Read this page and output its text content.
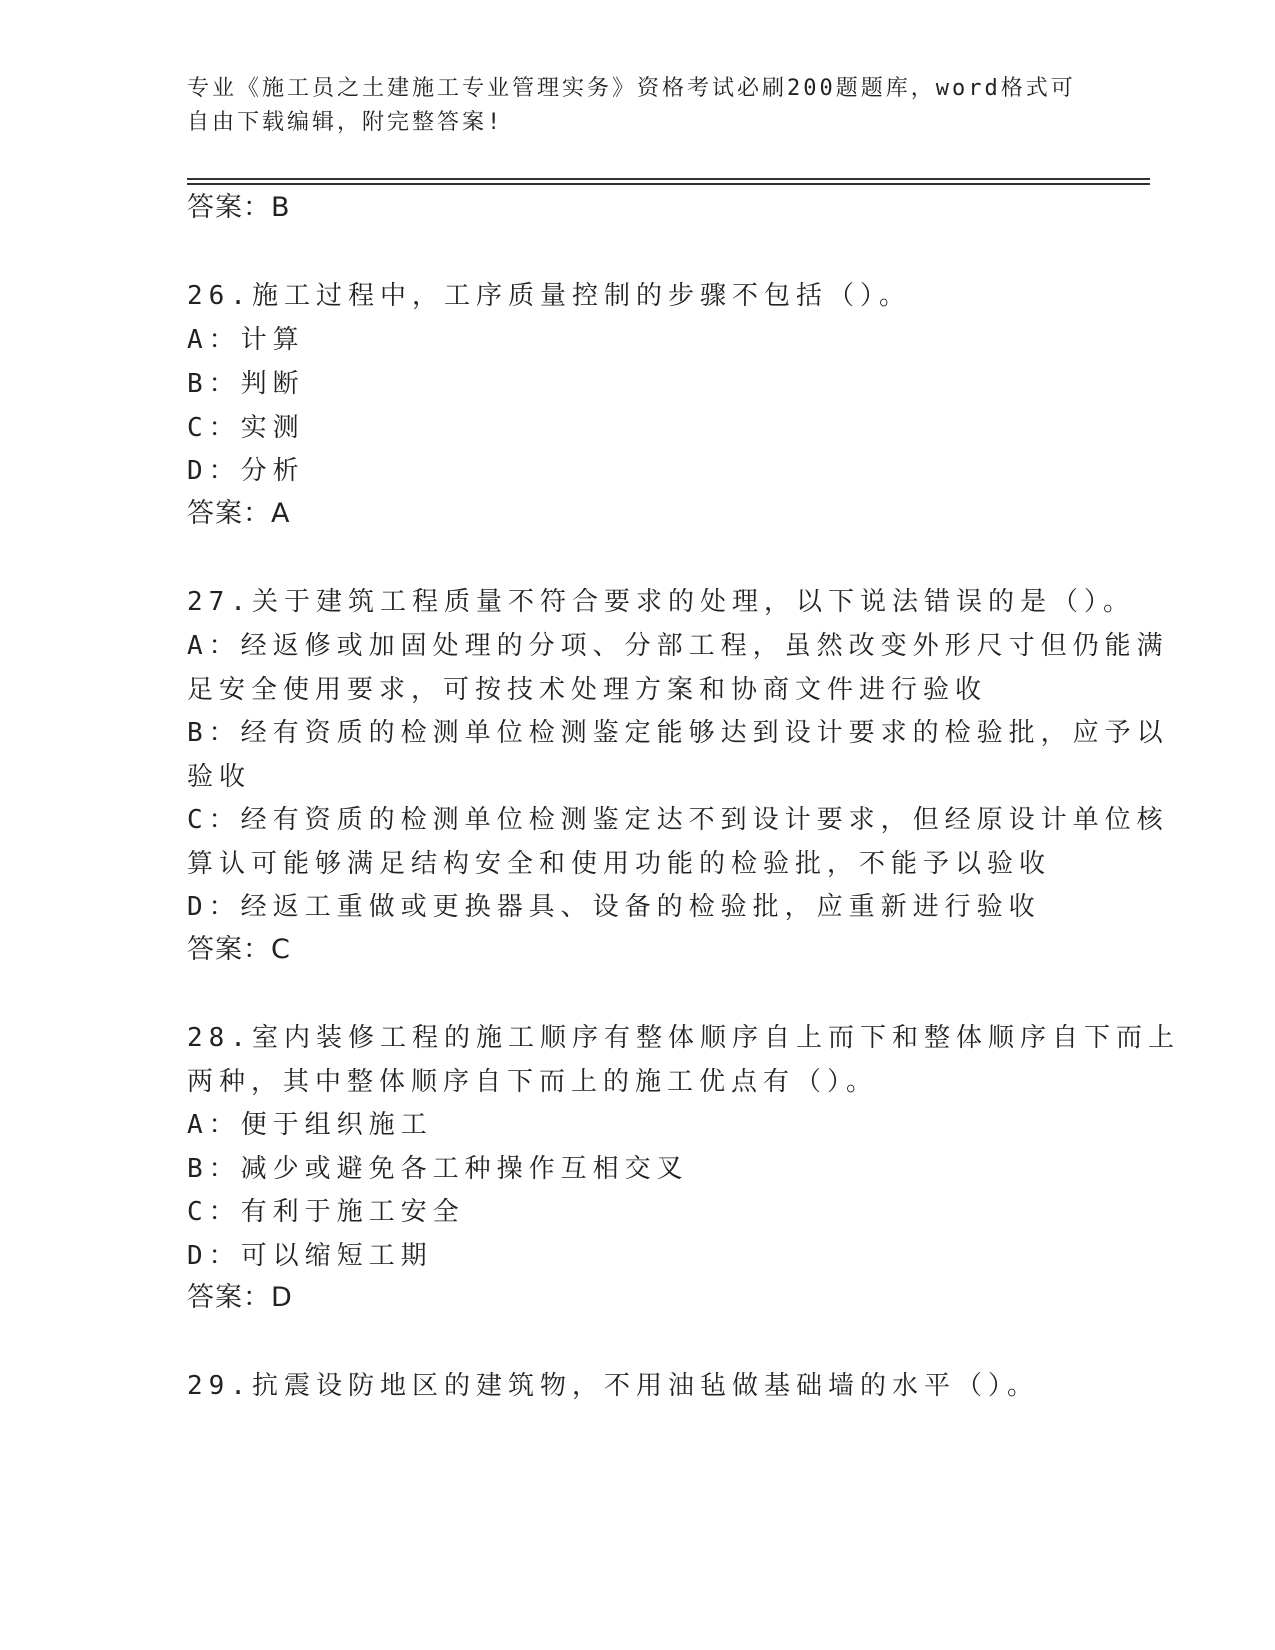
专业《施工员之土建施工专业管理实务》资格考试必刷200题题库，word格式可
自由下载编辑，附完整答案!
答案：B
26.施工过程中，工序质量控制的步骤不包括（）。
A：计算
B：判断
C：实测
D：分析
答案：A
27.关于建筑工程质量不符合要求的处理，以下说法错误的是（）。
A：经返修或加固处理的分项、分部工程，虽然改变外形尺寸但仍能满
足安全使用要求，可按技术处理方案和协商文件进行验收
B：经有资质的检测单位检测鉴定能够达到设计要求的检验批，应予以
验收
C：经有资质的检测单位检测鉴定达不到设计要求，但经原设计单位核
算认可能够满足结构安全和使用功能的检验批，不能予以验收
D：经返工重做或更换器具、设备的检验批，应重新进行验收
答案：C
28.室内装修工程的施工顺序有整体顺序自上而下和整体顺序自下而上
两种，其中整体顺序自下而上的施工优点有（）。
A：便于组织施工
B：减少或避免各工种操作互相交叉
C：有利于施工安全
D：可以缩短工期
答案：D
29.抗震设防地区的建筑物，不用油毡做基础墙的水平（）。
